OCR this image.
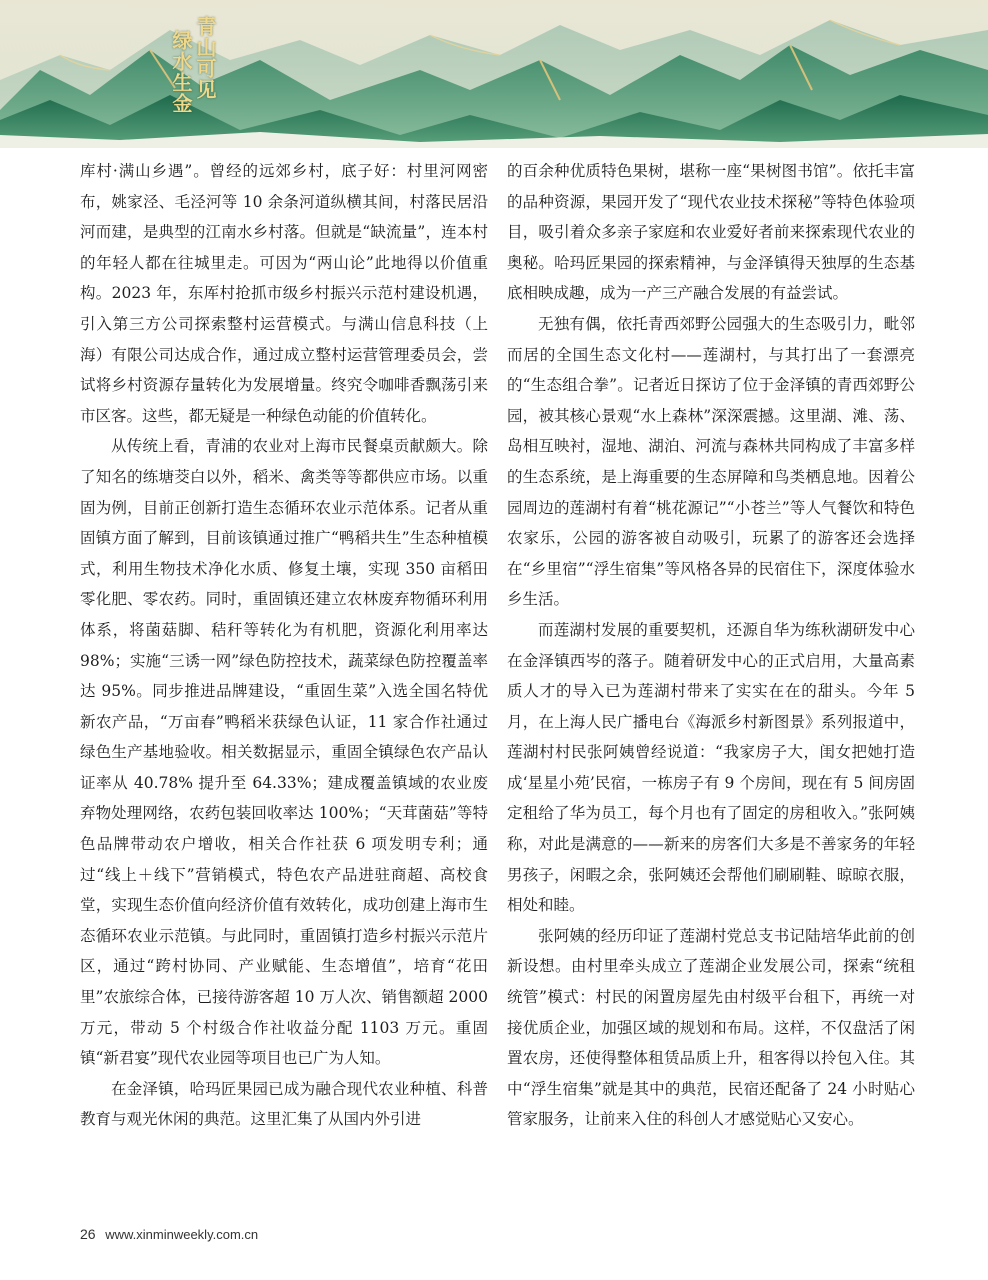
青山可见
绿水生金

库村·满山乡遇”。曾经的远郊乡村，底子好：村里河网密布，姚家泾、毛泾河等 10 余条河道纵横其间，村落民居沿河而建，是典型的江南水乡村落。但就是“缺流量”，连本村的年轻人都在往城里走。可因为“两山论”此地得以价值重构。2023 年，东厍村抢抓市级乡村振兴示范村建设机遇，引入第三方公司探索整村运营模式。与满山信息科技（上海）有限公司达成合作，通过成立整村运营管理委员会，尝试将乡村资源存量转化为发展增量。终究令咖啡香飘荡引来市区客。这些，都无疑是一种绿色动能的价值转化。

从传统上看，青浦的农业对上海市民餐桌贡献颇大。除了知名的练塘茭白以外，稻米、禽类等等都供应市场。以重固为例，目前正创新打造生态循环农业示范体系。记者从重固镇方面了解到，目前该镇通过推广“鸭稻共生”生态种植模式，利用生物技术净化水质、修复土壤，实现 350 亩稻田零化肥、零农药。同时，重固镇还建立农林废弃物循环利用体系，将菌菇脚、秸秆等转化为有机肥，资源化利用率达 98%；实施“三诱一网”绿色防控技术，蔬菜绿色防控覆盖率达 95%。同步推进品牌建设，“重固生菜”入选全国名特优新农产品，“万亩春”鸭稻米获绿色认证，11 家合作社通过绿色生产基地验收。相关数据显示，重固全镇绿色农产品认证率从 40.78% 提升至 64.33%；建成覆盖镇域的农业废弃物处理网络，农药包装回收率达 100%；“天茸菌菇”等特色品牌带动农户增收，相关合作社获 6 项发明专利；通过“线上＋线下”营销模式，特色农产品进驻商超、高校食堂，实现生态价值向经济价值有效转化，成功创建上海市生态循环农业示范镇。与此同时，重固镇打造乡村振兴示范片区，通过“跨村协同、产业赋能、生态增值”，培育“花田里”农旅综合体，已接待游客超 10 万人次、销售额超 2000 万元，带动 5 个村级合作社收益分配 1103 万元。重固镇“新君宴”现代农业园等项目也已广为人知。

在金泽镇，哈玛匠果园已成为融合现代农业种植、科普教育与观光休闲的典范。这里汇集了从国内外引进

的百余种优质特色果树，堪称一座“果树图书馆”。依托丰富的品种资源，果园开发了“现代农业技术探秘”等特色体验项目，吸引着众多亲子家庭和农业爱好者前来探索现代农业的奥秘。哈玛匠果园的探索精神，与金泽镇得天独厚的生态基底相映成趣，成为一产三产融合发展的有益尝试。

无独有偶，依托青西郊野公园强大的生态吸引力，毗邻而居的全国生态文化村——莲湖村，与其打出了一套漂亮的“生态组合拳”。记者近日探访了位于金泽镇的青西郊野公园，被其核心景观“水上森林”深深震撼。这里湖、滩、荡、岛相互映衬，湿地、湖泊、河流与森林共同构成了丰富多样的生态系统，是上海重要的生态屏障和鸟类栖息地。因着公园周边的莲湖村有着“桃花源记”“小苍兰”等人气餐饮和特色农家乐，公园的游客被自动吸引，玩累了的游客还会选择在“乡里宿”“浮生宿集”等风格各异的民宿住下，深度体验水乡生活。

而莲湖村发展的重要契机，还源自华为练秋湖研发中心在金泽镇西岑的落子。随着研发中心的正式启用，大量高素质人才的导入已为莲湖村带来了实实在在的甜头。今年 5 月，在上海人民广播电台《海派乡村新图景》系列报道中，莲湖村村民张阿姨曾经说道：“我家房子大，闺女把她打造成‘星星小苑’民宿，一栋房子有 9 个房间，现在有 5 间房固定租给了华为员工，每个月也有了固定的房租收入。”张阿姨称，对此是满意的——新来的房客们大多是不善家务的年轻男孩子，闲暇之余，张阿姨还会帮他们刷刷鞋、晾晾衣服，相处和睦。

张阿姨的经历印证了莲湖村党总支书记陆培华此前的创新设想。由村里牵头成立了莲湖企业发展公司，探索“统租统管”模式：村民的闲置房屋先由村级平台租下，再统一对接优质企业，加强区域的规划和布局。这样，不仅盘活了闲置农房，还使得整体租赁品质上升，租客得以拎包入住。其中“浮生宿集”就是其中的典范，民宿还配备了 24 小时贴心管家服务，让前来入住的科创人才感觉贴心又安心。

26 www.xinminweekly.com.cn
